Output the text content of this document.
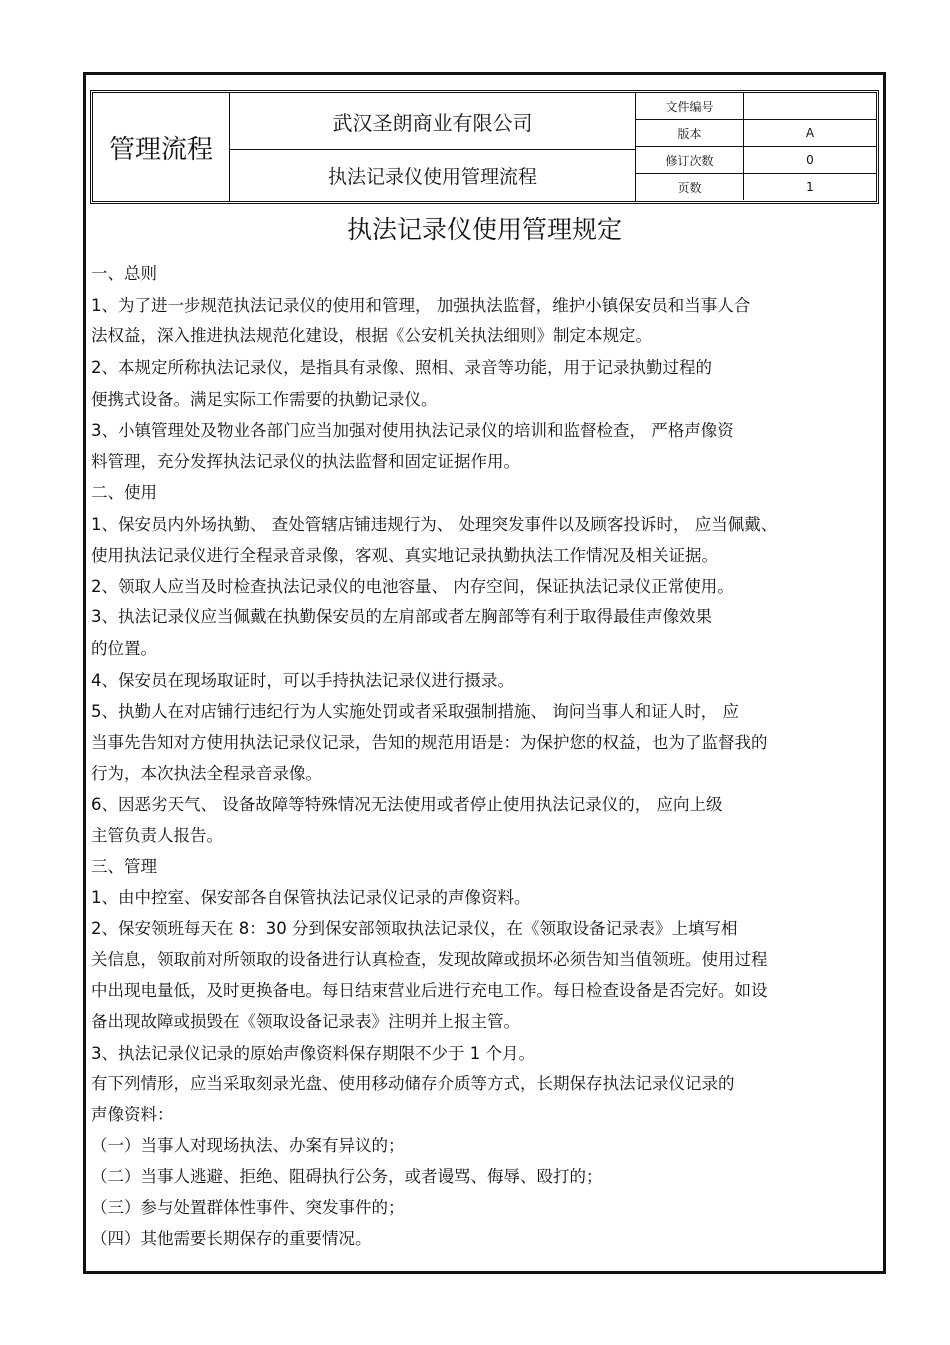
管理流程
武汉圣朗商业有限公司
执法记录仪使用管理流程
文件编号
版本	A
修订次数	0
页数	1
执法记录仪使用管理规定
一、总则
1、为了进一步规范执法记录仪的使用和管理， 加强执法监督，维护小镇保安员和当事人合
法权益，深入推进执法规范化建设，根据《公安机关执法细则》制定本规定。
2、本规定所称执法记录仪，是指具有录像、照相、录音等功能，用于记录执勤过程的
便携式设备。满足实际工作需要的执勤记录仪。
3、小镇管理处及物业各部门应当加强对使用执法记录仪的培训和监督检查， 严格声像资
料管理，充分发挥执法记录仪的执法监督和固定证据作用。
二、使用
1、保安员内外场执勤、 查处管辖店铺违规行为、 处理突发事件以及顾客投诉时， 应当佩戴、
使用执法记录仪进行全程录音录像，客观、真实地记录执勤执法工作情况及相关证据。
2、领取人应当及时检查执法记录仪的电池容量、 内存空间，保证执法记录仪正常使用。
3、执法记录仪应当佩戴在执勤保安员的左肩部或者左胸部等有利于取得最佳声像效果
的位置。
4、保安员在现场取证时，可以手持执法记录仪进行摄录。
5、执勤人在对店铺行违纪行为人实施处罚或者采取强制措施、 询问当事人和证人时， 应
当事先告知对方使用执法记录仪记录，告知的规范用语是：为保护您的权益，也为了监督我的
行为，本次执法全程录音录像。
6、因恶劣天气、 设备故障等特殊情况无法使用或者停止使用执法记录仪的， 应向上级
主管负责人报告。
三、管理
1、由中控室、保安部各自保管执法记录仪记录的声像资料。
2、保安领班每天在 8：30 分到保安部领取执法记录仪，在《领取设备记录表》上填写相
关信息，领取前对所领取的设备进行认真检查，发现故障或损坏必须告知当值领班。使用过程
中出现电量低，及时更换备电。每日结束营业后进行充电工作。每日检查设备是否完好。如设
备出现故障或损毁在《领取设备记录表》注明并上报主管。
3、执法记录仪记录的原始声像资料保存期限不少于 1 个月。
有下列情形，应当采取刻录光盘、使用移动储存介质等方式，长期保存执法记录仪记录的
声像资料：
（一）当事人对现场执法、办案有异议的；
（二）当事人逃避、拒绝、阻碍执行公务，或者谩骂、侮辱、殴打的；
（三）参与处置群体性事件、突发事件的；
（四）其他需要长期保存的重要情况。
